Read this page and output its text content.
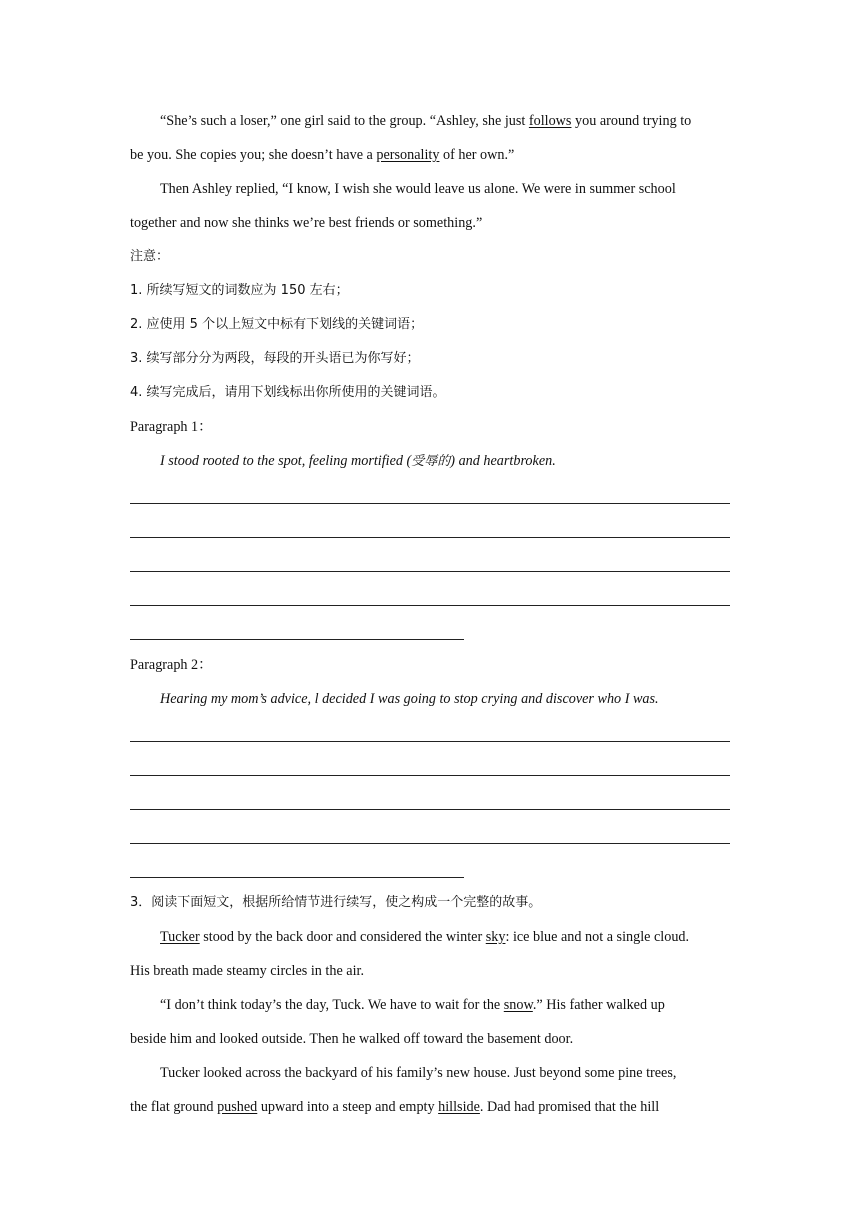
“She’s such a loser,” one girl said to the group. “Ashley, she just follows you around trying to
be you. She copies you; she doesn’t have a personality of her own.”
Then Ashley replied, “I know, I wish she would leave us alone. We were in summer school
together and now she thinks we’re best friends or something.”
注意：
1. 所续写短文的词数应为 150 左右；
2. 应使用 5 个以上短文中标有下划线的关键词语；
3. 续写部分分为两段，每段的开头语已为你写好；
4. 续写完成后，请用下划线标出你所使用的关键词语。
Paragraph 1：
I stood rooted to the spot, feeling mortified (受辱的) and heartbroken.
Paragraph 2：
Hearing my mom’s advice, l decided I was going to stop crying and discover who I was.
3．阅读下面短文，根据所给情节进行续写，使之构成一个完整的故事。
Tucker stood by the back door and considered the winter sky: ice blue and not a single cloud.
His breath made steamy circles in the air.
“I don’t think today’s the day, Tuck. We have to wait for the snow.” His father walked up
beside him and looked outside. Then he walked off toward the basement door.
Tucker looked across the backyard of his family’s new house. Just beyond some pine trees,
the flat ground pushed upward into a steep and empty hillside. Dad had promised that the hill
